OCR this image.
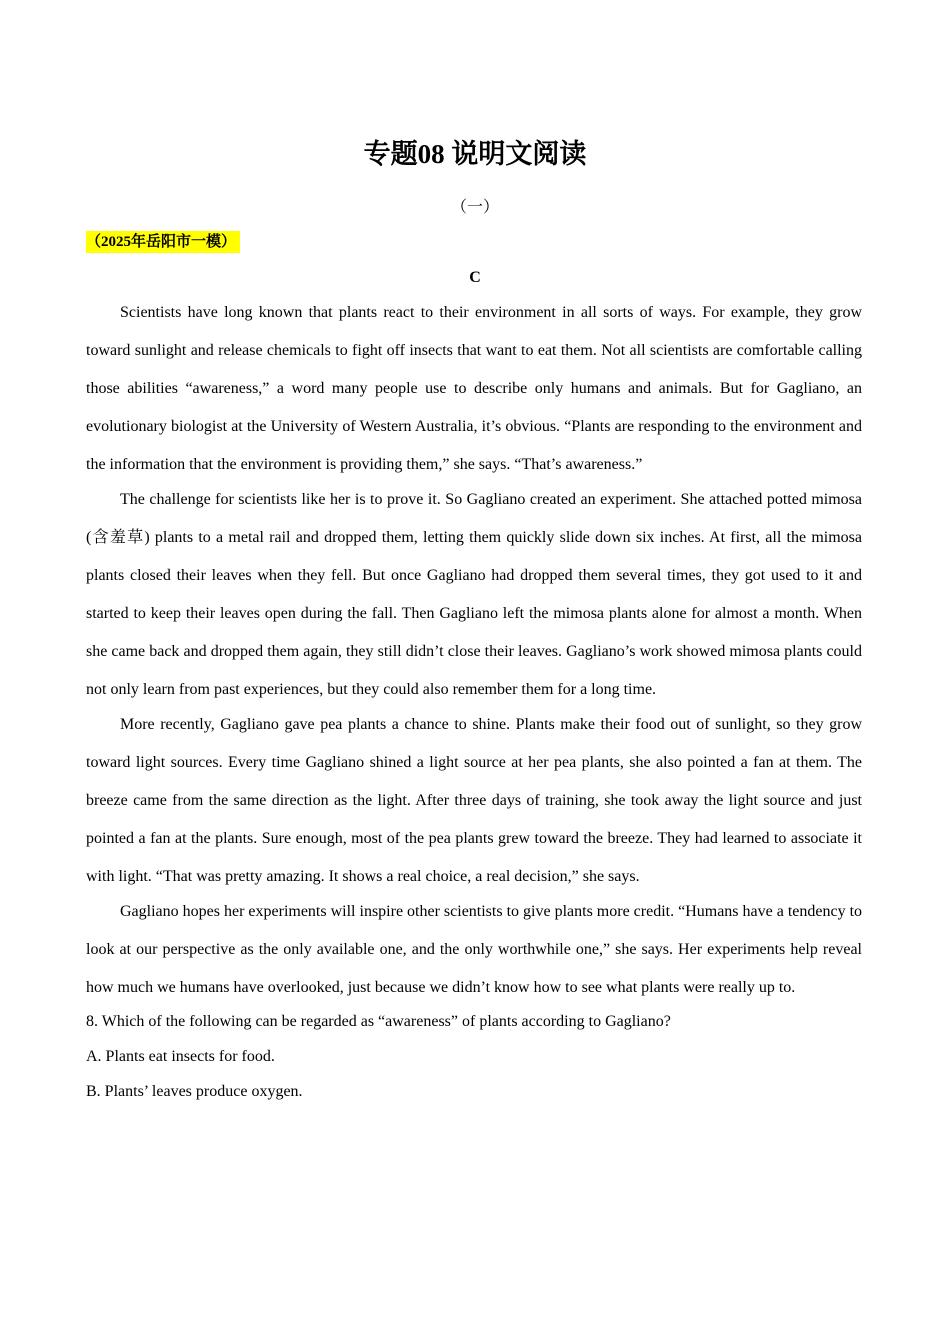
专题08 说明文阅读
（一）
（2025年岳阳市一模）
C

Scientists have long known that plants react to their environment in all sorts of ways. For example, they grow toward sunlight and release chemicals to fight off insects that want to eat them. Not all scientists are comfortable calling those abilities “awareness,” a word many people use to describe only humans and animals. But for Gagliano, an evolutionary biologist at the University of Western Australia, it’s obvious. “Plants are responding to the environment and the information that the environment is providing them,” she says. “That’s awareness.”

The challenge for scientists like her is to prove it. So Gagliano created an experiment. She attached potted mimosa (含羞草) plants to a metal rail and dropped them, letting them quickly slide down six inches. At first, all the mimosa plants closed their leaves when they fell. But once Gagliano had dropped them several times, they got used to it and started to keep their leaves open during the fall. Then Gagliano left the mimosa plants alone for almost a month. When she came back and dropped them again, they still didn’t close their leaves. Gagliano’s work showed mimosa plants could not only learn from past experiences, but they could also remember them for a long time.

More recently, Gagliano gave pea plants a chance to shine. Plants make their food out of sunlight, so they grow toward light sources. Every time Gagliano shined a light source at her pea plants, she also pointed a fan at them. The breeze came from the same direction as the light. After three days of training, she took away the light source and just pointed a fan at the plants. Sure enough, most of the pea plants grew toward the breeze. They had learned to associate it with light. “That was pretty amazing. It shows a real choice, a real decision,” she says.

Gagliano hopes her experiments will inspire other scientists to give plants more credit. “Humans have a tendency to look at our perspective as the only available one, and the only worthwhile one,” she says. Her experiments help reveal how much we humans have overlooked, just because we didn’t know how to see what plants were really up to.

8. Which of the following can be regarded as “awareness” of plants according to Gagliano?

A. Plants eat insects for food.

B. Plants’ leaves produce oxygen.
